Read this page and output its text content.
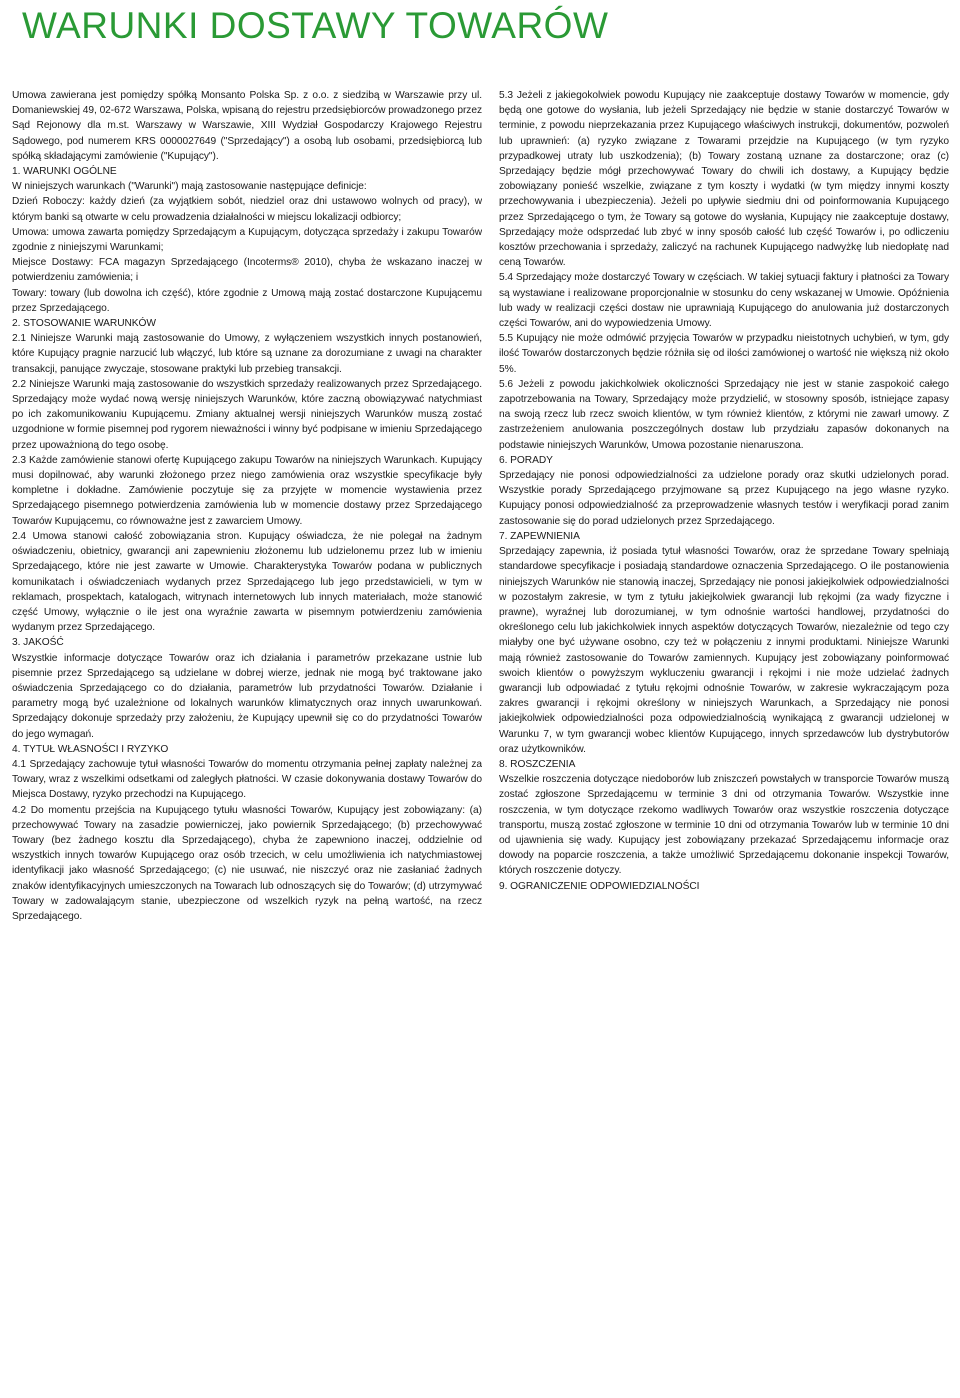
WARUNKI DOSTAWY TOWARÓW

Umowa zawierana jest pomiędzy spółką Monsanto Polska Sp. z o.o. z siedzibą w Warszawie przy ul. Domaniewskiej 49, 02-672 Warszawa, Polska, wpisaną do rejestru przedsiębiorców prowadzonego przez Sąd Rejonowy dla m.st. Warszawy w Warszawie, XIII Wydział Gospodarczy Krajowego Rejestru Sądowego, pod numerem KRS 0000027649 ("Sprzedający") a osobą lub osobami, przedsiębiorcą lub spółką składającymi zamówienie ("Kupujący").

1. WARUNKI OGÓLNE

W niniejszych warunkach ("Warunki") mają zastosowanie następujące definicje:

Dzień Roboczy: każdy dzień (za wyjątkiem sobót, niedziel oraz dni ustawowo wolnych od pracy), w którym banki są otwarte w celu prowadzenia działalności w miejscu lokalizacji odbiorcy;

Umowa: umowa zawarta pomiędzy Sprzedającym a Kupującym, dotycząca sprzedaży i zakupu Towarów zgodnie z niniejszymi Warunkami;

Miejsce Dostawy: FCA magazyn Sprzedającego (Incoterms® 2010), chyba że wskazano inaczej w potwierdzeniu zamówienia; i

Towary: towary (lub dowolna ich część), które zgodnie z Umową mają zostać dostarczone Kupującemu przez Sprzedającego.

2. STOSOWANIE WARUNKÓW

2.1 Niniejsze Warunki mają zastosowanie do Umowy, z wyłączeniem wszystkich innych postanowień, które Kupujący pragnie narzucić lub włączyć, lub które są uznane za dorozumiane z uwagi na charakter transakcji, panujące zwyczaje, stosowane praktyki lub przebieg transakcji.

2.2 Niniejsze Warunki mają zastosowanie do wszystkich sprzedaży realizowanych przez Sprzedającego. Sprzedający może wydać nową wersję niniejszych Warunków, które zaczną obowiązywać natychmiast po ich zakomunikowaniu Kupującemu. Zmiany aktualnej wersji niniejszych Warunków muszą zostać uzgodnione w formie pisemnej pod rygorem nieważności i winny być podpisane w imieniu Sprzedającego przez upoważnioną do tego osobę.

2.3 Każde zamówienie stanowi ofertę Kupującego zakupu Towarów na niniejszych Warunkach. Kupujący musi dopilnować, aby warunki złożonego przez niego zamówienia oraz wszystkie specyfikacje były kompletne i dokładne. Zamówienie poczytuje się za przyjęte w momencie wystawienia przez Sprzedającego pisemnego potwierdzenia zamówienia lub w momencie dostawy przez Sprzedającego Towarów Kupującemu, co równoważne jest z zawarciem Umowy.

2.4 Umowa stanowi całość zobowiązania stron. Kupujący oświadcza, że nie polegał na żadnym oświadczeniu, obietnicy, gwarancji ani zapewnieniu złożonemu lub udzielonemu przez lub w imieniu Sprzedającego, które nie jest zawarte w Umowie. Charakterystyka Towarów podana w publicznych komunikatach i oświadczeniach wydanych przez Sprzedającego lub jego przedstawicieli, w tym w reklamach, prospektach, katalogach, witrynach internetowych lub innych materiałach, może stanowić część Umowy, wyłącznie o ile jest ona wyraźnie zawarta w pisemnym potwierdzeniu zamówienia wydanym przez Sprzedającego.

3. JAKOŚĆ

Wszystkie informacje dotyczące Towarów oraz ich działania i parametrów przekazane ustnie lub pisemnie przez Sprzedającego są udzielane w dobrej wierze, jednak nie mogą być traktowane jako oświadczenia Sprzedającego co do działania, parametrów lub przydatności Towarów. Działanie i parametry mogą być uzależnione od lokalnych warunków klimatycznych oraz innych uwarunkowań. Sprzedający dokonuje sprzedaży przy założeniu, że Kupujący upewnił się co do przydatności Towarów do jego wymagań.

4. TYTUŁ WŁASNOŚCI I RYZYKO

4.1 Sprzedający zachowuje tytuł własności Towarów do momentu otrzymania pełnej zapłaty należnej za Towary, wraz z wszelkimi odsetkami od zaległych płatności. W czasie dokonywania dostawy Towarów do Miejsca Dostawy, ryzyko przechodzi na Kupującego.

4.2 Do momentu przejścia na Kupującego tytułu własności Towarów, Kupujący jest zobowiązany: (a) przechowywać Towary na zasadzie powierniczej, jako powiernik Sprzedającego; (b) przechowywać Towary (bez żadnego kosztu dla Sprzedającego), chyba że zapewniono inaczej, oddzielnie od wszystkich innych towarów Kupującego oraz osób trzecich, w celu umożliwienia ich natychmiastowej identyfikacji jako własność Sprzedającego; (c) nie usuwać, nie niszczyć oraz nie zasłaniać żadnych znaków identyfikacyjnych umieszczonych na Towarach lub odnoszących się do Towarów; (d) utrzymywać Towary w zadowalającym stanie, ubezpieczone od wszelkich ryzyk na pełną wartość, na rzecz Sprzedającego.

5.3 Jeżeli z jakiegokolwiek powodu Kupujący nie zaakceptuje dostawy Towarów w momencie, gdy będą one gotowe do wysłania, lub jeżeli Sprzedający nie będzie w stanie dostarczyć Towarów w terminie, z powodu nieprzekazania przez Kupującego właściwych instrukcji, dokumentów, pozwoleń lub uprawnień: (a) ryzyko związane z Towarami przejdzie na Kupującego (w tym ryzyko przypadkowej utraty lub uszkodzenia); (b) Towary zostaną uznane za dostarczone; oraz (c) Sprzedający będzie mógł przechowywać Towary do chwili ich dostawy, a Kupujący będzie zobowiązany ponieść wszelkie, związane z tym koszty i wydatki (w tym między innymi koszty przechowywania i ubezpieczenia). Jeżeli po upływie siedmiu dni od poinformowania Kupującego przez Sprzedającego o tym, że Towary są gotowe do wysłania, Kupujący nie zaakceptuje dostawy, Sprzedający może odsprzedać lub zbyć w inny sposób całość lub część Towarów i, po odliczeniu kosztów przechowania i sprzedaży, zaliczyć na rachunek Kupującego nadwyżkę lub niedopłatę nad ceną Towarów.

5.4 Sprzedający może dostarczyć Towary w częściach. W takiej sytuacji faktury i płatności za Towary są wystawiane i realizowane proporcjonalnie w stosunku do ceny wskazanej w Umowie. Opóźnienia lub wady w realizacji części dostaw nie uprawniają Kupującego do anulowania już dostarczonych części Towarów, ani do wypowiedzenia Umowy.

5.5 Kupujący nie może odmówić przyjęcia Towarów w przypadku nieistotnych uchybień, w tym, gdy ilość Towarów dostarczonych będzie różniła się od ilości zamówionej o wartość nie większą niż około 5%.

5.6 Jeżeli z powodu jakichkolwiek okoliczności Sprzedający nie jest w stanie zaspokoić całego zapotrzebowania na Towary, Sprzedający może przydzielić, w stosowny sposób, istniejące zapasy na swoją rzecz lub rzecz swoich klientów, w tym również klientów, z którymi nie zawarł umowy. Z zastrzeżeniem anulowania poszczególnych dostaw lub przydziału zapasów dokonanych na podstawie niniejszych Warunków, Umowa pozostanie nienaruszona.

6. PORADY

Sprzedający nie ponosi odpowiedzialności za udzielone porady oraz skutki udzielonych porad. Wszystkie porady Sprzedającego przyjmowane są przez Kupującego na jego własne ryzyko. Kupujący ponosi odpowiedzialność za przeprowadzenie własnych testów i weryfikacji porad zanim zastosowanie się do porad udzielonych przez Sprzedającego.

7. ZAPEWNIENIA

Sprzedający zapewnia, iż posiada tytuł własności Towarów, oraz że sprzedane Towary spełniają standardowe specyfikacje i posiadają standardowe oznaczenia Sprzedającego. O ile postanowienia niniejszych Warunków nie stanowią inaczej, Sprzedający nie ponosi jakiejkolwiek odpowiedzialności w pozostałym zakresie, w tym z tytułu jakiejkolwiek gwarancji lub rękojmi (za wady fizyczne i prawne), wyraźnej lub dorozumianej, w tym odnośnie wartości handlowej, przydatności do określonego celu lub jakichkolwiek innych aspektów dotyczących Towarów, niezależnie od tego czy miałyby one być używane osobno, czy też w połączeniu z innymi produktami. Niniejsze Warunki mają również zastosowanie do Towarów zamiennych. Kupujący jest zobowiązany poinformować swoich klientów o powyższym wykluczeniu gwarancji i rękojmi i nie może udzielać żadnych gwarancji lub odpowiadać z tytułu rękojmi odnośnie Towarów, w zakresie wykraczającym poza zakres gwarancji i rękojmi określony w niniejszych Warunkach, a Sprzedający nie ponosi jakiejkolwiek odpowiedzialności poza odpowiedzialnością wynikającą z gwarancji udzielonej w Warunku 7, w tym gwarancji wobec klientów Kupującego, innych sprzedawców lub dystrybutorów oraz użytkowników.

8. ROSZCZENIA

Wszelkie roszczenia dotyczące niedoborów lub zniszczeń powstałych w transporcie Towarów muszą zostać zgłoszone Sprzedającemu w terminie 3 dni od otrzymania Towarów. Wszystkie inne roszczenia, w tym dotyczące rzekomo wadliwych Towarów oraz wszystkie roszczenia dotyczące transportu, muszą zostać zgłoszone w terminie 10 dni od otrzymania Towarów lub w terminie 10 dni od ujawnienia się wady. Kupujący jest zobowiązany przekazać Sprzedającemu informacje oraz dowody na poparcie roszczenia, a także umożliwić Sprzedającemu dokonanie inspekcji Towarów, których roszczenie dotyczy.

9. OGRANICZENIE ODPOWIEDZIALNOŚCI
